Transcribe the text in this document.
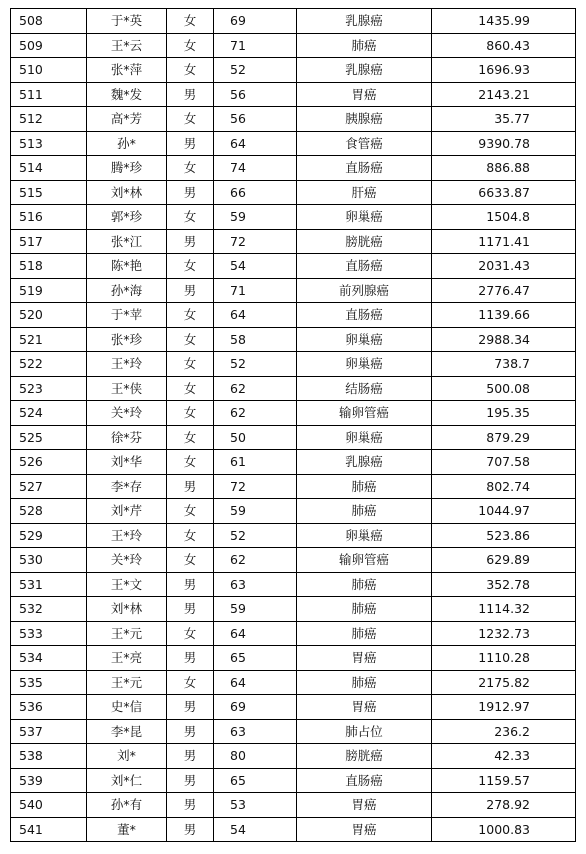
508	于*英	女	69	乳腺癌	1435.99
509	王*云	女	71	肺癌	860.43
510	张*萍	女	52	乳腺癌	1696.93
511	魏*发	男	56	胃癌	2143.21
512	高*芳	女	56	胰腺癌	35.77
513	孙*	男	64	食管癌	9390.78
514	腾*珍	女	74	直肠癌	886.88
515	刘*林	男	66	肝癌	6633.87
516	郭*珍	女	59	卵巢癌	1504.8
517	张*江	男	72	膀胱癌	1171.41
518	陈*艳	女	54	直肠癌	2031.43
519	孙*海	男	71	前列腺癌	2776.47
520	于*苹	女	64	直肠癌	1139.66
521	张*珍	女	58	卵巢癌	2988.34
522	王*玲	女	52	卵巢癌	738.7
523	王*侠	女	62	结肠癌	500.08
524	关*玲	女	62	输卵管癌	195.35
525	徐*芬	女	50	卵巢癌	879.29
526	刘*华	女	61	乳腺癌	707.58
527	李*存	男	72	肺癌	802.74
528	刘*芹	女	59	肺癌	1044.97
529	王*玲	女	52	卵巢癌	523.86
530	关*玲	女	62	输卵管癌	629.89
531	王*文	男	63	肺癌	352.78
532	刘*林	男	59	肺癌	1114.32
533	王*元	女	64	肺癌	1232.73
534	王*亮	男	65	胃癌	1110.28
535	王*元	女	64	肺癌	2175.82
536	史*信	男	69	胃癌	1912.97
537	李*昆	男	63	肺占位	236.2
538	刘*	男	80	膀胱癌	42.33
539	刘*仁	男	65	直肠癌	1159.57
540	孙*有	男	53	胃癌	278.92
541	董*	男	54	胃癌	1000.83
